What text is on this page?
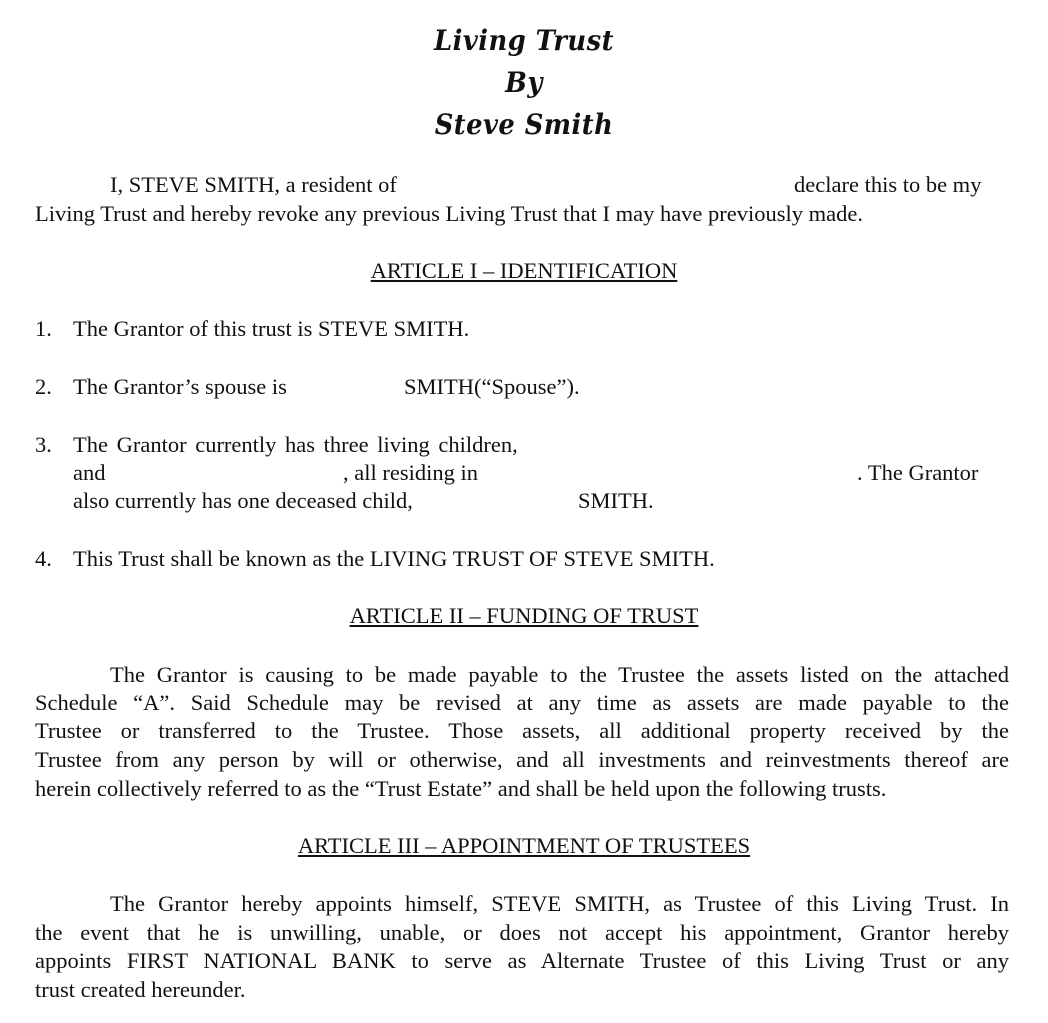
Living Trust
By
Steve Smith
I, STEVE SMITH, a resident of	declare this to be my
Living Trust and hereby revoke any previous Living Trust that I may have previously made.
ARTICLE I – IDENTIFICATION
1. The Grantor of this trust is STEVE SMITH.
2. The Grantor’s spouse is	SMITH(“Spouse”).
3. The Grantor currently has three living children,
and	, all residing in	. The Grantor
also currently has one deceased child,	SMITH.
4. This Trust shall be known as the LIVING TRUST OF STEVE SMITH.
ARTICLE II – FUNDING OF TRUST
The Grantor is causing to be made payable to the Trustee the assets listed on the attached
Schedule “A”. Said Schedule may be revised at any time as assets are made payable to the
Trustee or transferred to the Trustee. Those assets, all additional property received by the
Trustee from any person by will or otherwise, and all investments and reinvestments thereof are
herein collectively referred to as the “Trust Estate” and shall be held upon the following trusts.
ARTICLE III – APPOINTMENT OF TRUSTEES
The Grantor hereby appoints himself, STEVE SMITH, as Trustee of this Living Trust. In
the event that he is unwilling, unable, or does not accept his appointment, Grantor hereby
appoints FIRST NATIONAL BANK to serve as Alternate Trustee of this Living Trust or any
trust created hereunder.
